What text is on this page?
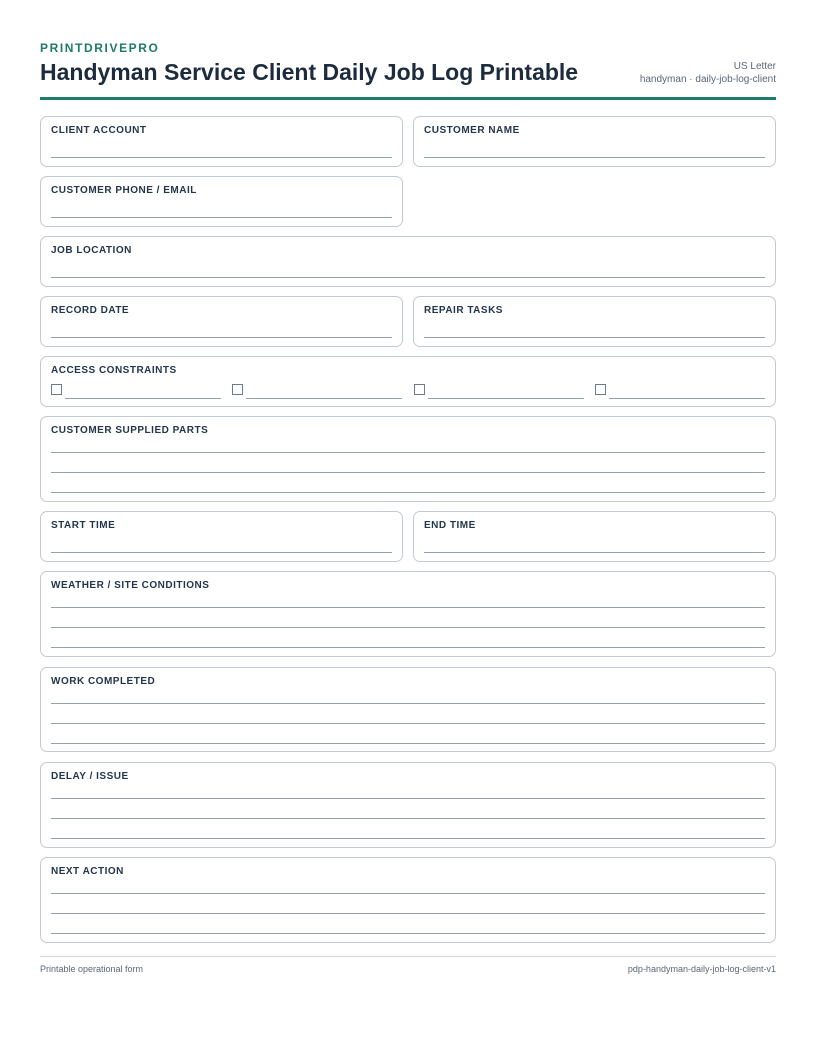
PRINTDRIVEPRO
Handyman Service Client Daily Job Log Printable	US Letter
handyman · daily-job-log-client
CLIENT ACCOUNT	CUSTOMER NAME
CUSTOMER PHONE / EMAIL
JOB LOCATION
RECORD DATE	REPAIR TASKS
ACCESS CONSTRAINTS
CUSTOMER SUPPLIED PARTS
START TIME	END TIME
WEATHER / SITE CONDITIONS
WORK COMPLETED
DELAY / ISSUE
NEXT ACTION
Printable operational form	pdp-handyman-daily-job-log-client-v1
